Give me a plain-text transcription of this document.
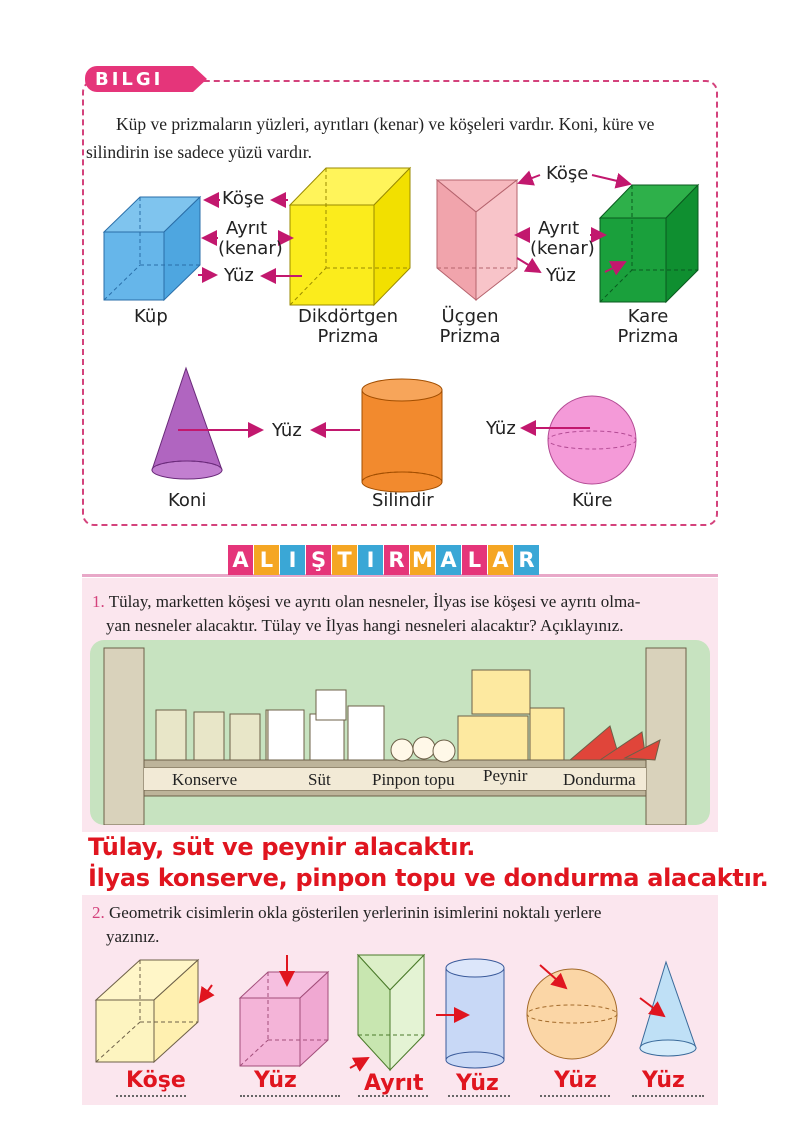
BILGI
Küp ve prizmaların yüzleri, ayrıtları (kenar) ve köşeleri vardır. Koni, küre ve silindirin ise sadece yüzü vardır.
Köşe
Ayrıt
(kenar)
Yüz
Küp	Dikdörtgen
Prizma
Köşe
Ayrıt
(kenar)
Yüz
Üçgen
Prizma
Kare
Prizma
Yüz	Yüz
Koni	Silindir	Küre
A L I Ş T I R M A L A R
1. Tülay, marketten köşesi ve ayrıtı olan nesneler, İlyas ise köşesi ve ayrıtı olma-
yan nesneler alacaktır. Tülay ve İlyas hangi nesneleri alacaktır? Açıklayınız.
Konserve	Süt Pinpon topu Peynir Dondurma
Tülay, süt ve peynir alacaktır.
İlyas konserve, pinpon topu ve dondurma alacaktır.
2. Geometrik cisimlerin okla gösterilen yerlerinin isimlerini noktalı yerlere
yazınız.
Köşe	Yüz	Ayrıt Yüz	Yüz Yüz
